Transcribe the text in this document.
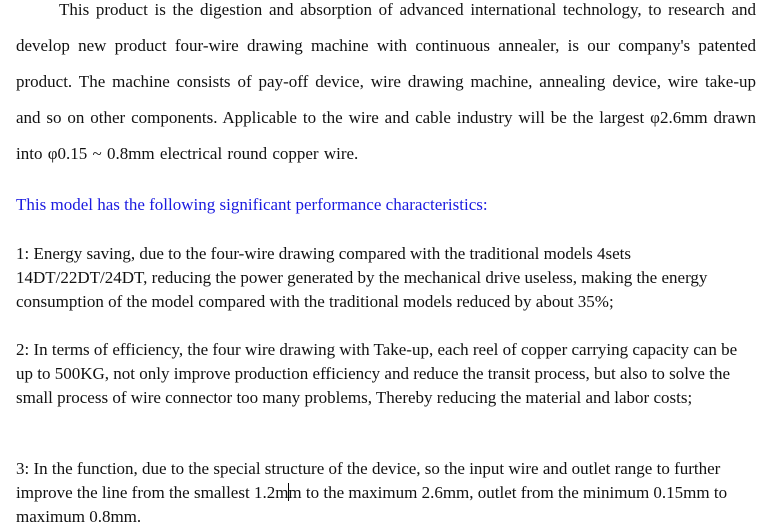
This product is the digestion and absorption of advanced international technology, to research and develop new product four-wire drawing machine with continuous annealer, is our company's patented product. The machine consists of pay-off device, wire drawing machine, annealing device, wire take-up and so on other components. Applicable to the wire and cable industry will be the largest φ2.6mm drawn into φ0.15 ~ 0.8mm electrical round copper wire.

This model has the following significant performance characteristics:

1: Energy saving, due to the four-wire drawing compared with the traditional models 4sets 14DT/22DT/24DT, reducing the power generated by the mechanical drive useless, making the energy consumption of the model compared with the traditional models reduced by about 35%;

2: In terms of efficiency, the four wire drawing with Take-up, each reel of copper carrying capacity can be up to 500KG, not only improve production efficiency and reduce the transit process, but also to solve the small process of wire connector too many problems, Thereby reducing the material and labor costs;

3: In the function, due to the special structure of the device, so the input wire and outlet range to further improve the line from the smallest 1.2mm to the maximum 2.6mm, outlet from the minimum 0.15mm to maximum 0.8mm.
